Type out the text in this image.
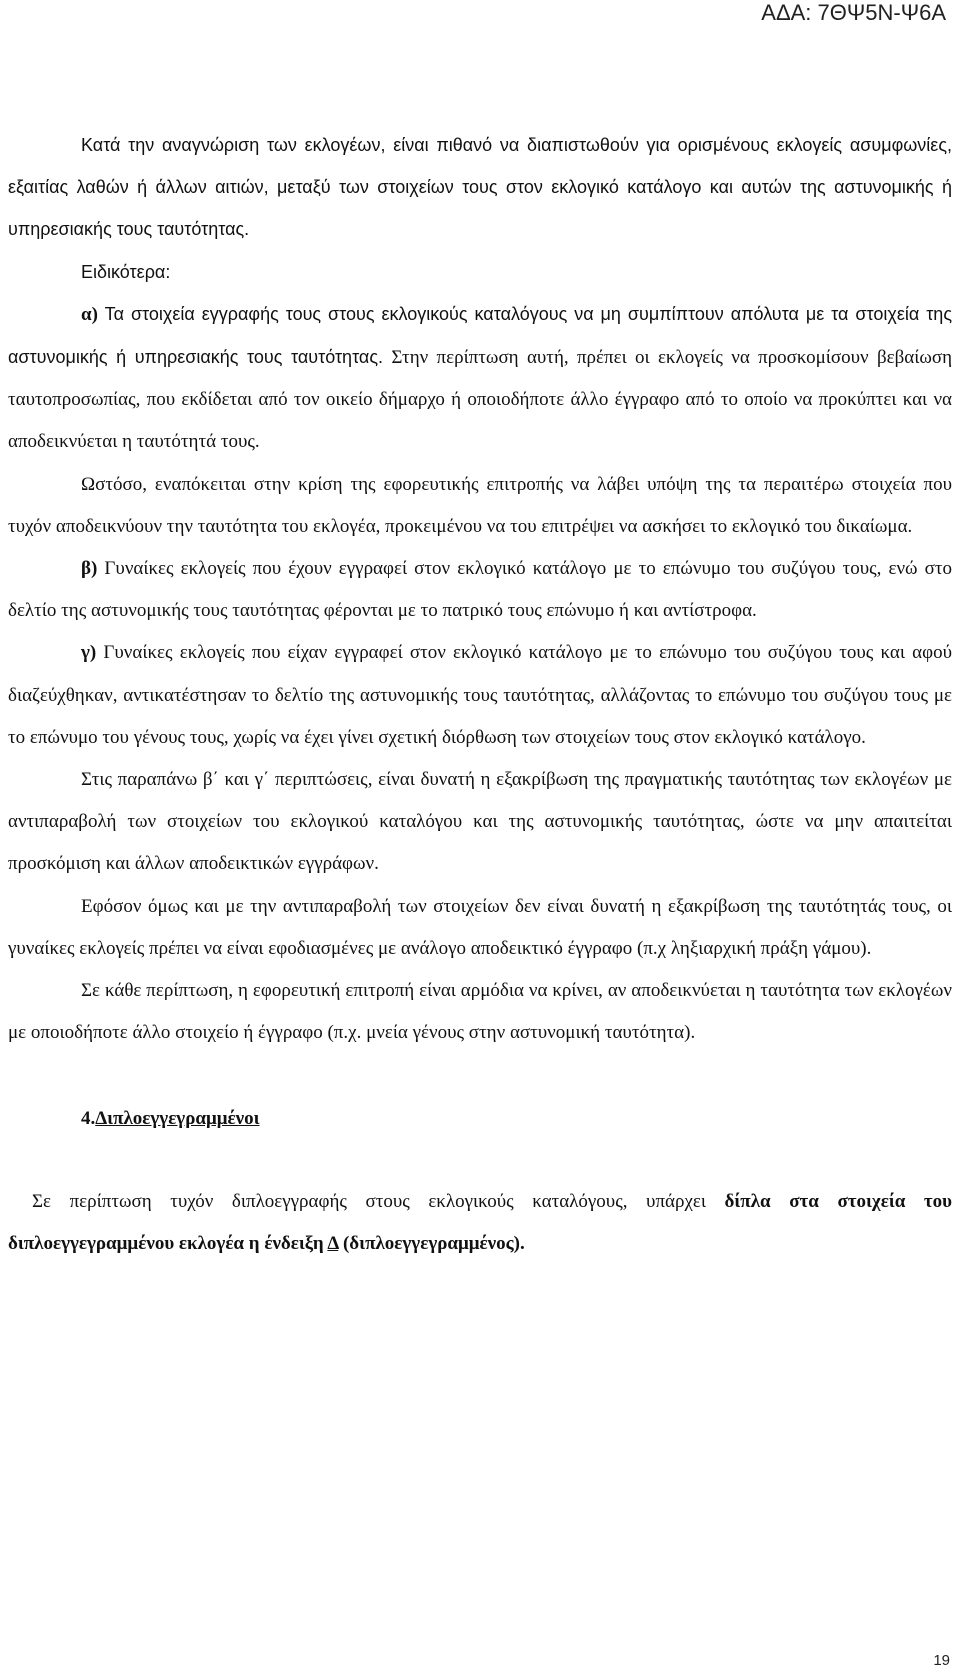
ΑΔΑ: 7ΘΨ5Ν-Ψ6Α

Κατά την αναγνώριση των εκλογέων, είναι πιθανό να διαπιστωθούν για ορισμένους εκλογείς ασυμφωνίες, εξαιτίας λαθών ή άλλων αιτιών, μεταξύ των στοιχείων τους στον εκλογικό κατάλογο και αυτών της αστυνομικής ή υπηρεσιακής τους ταυτότητας.

Ειδικότερα:

α) Τα στοιχεία εγγραφής τους στους εκλογικούς καταλόγους να μη συμπίπτουν απόλυτα με τα στοιχεία της αστυνομικής ή υπηρεσιακής τους ταυτότητας. Στην περίπτωση αυτή, πρέπει οι εκλογείς να προσκομίσουν βεβαίωση ταυτοπροσωπίας, που εκδίδεται από τον οικείο δήμαρχο ή οποιοδήποτε άλλο έγγραφο από το οποίο να προκύπτει και να αποδεικνύεται η ταυτότητά τους.

Ωστόσο, εναπόκειται στην κρίση της εφορευτικής επιτροπής να λάβει υπόψη της τα περαιτέρω στοιχεία που τυχόν αποδεικνύουν την ταυτότητα του εκλογέα, προκειμένου να του επιτρέψει να ασκήσει το εκλογικό του δικαίωμα.

β) Γυναίκες εκλογείς που έχουν εγγραφεί στον εκλογικό κατάλογο με το επώνυμο του συζύγου τους, ενώ στο δελτίο της αστυνομικής τους ταυτότητας φέρονται με το πατρικό τους επώνυμο ή και αντίστροφα.

γ) Γυναίκες εκλογείς που είχαν εγγραφεί στον εκλογικό κατάλογο με το επώνυμο του συζύγου τους και αφού διαζεύχθηκαν, αντικατέστησαν το δελτίο της αστυνομικής τους ταυτότητας, αλλάζοντας το επώνυμο του συζύγου τους με το επώνυμο του γένους τους, χωρίς να έχει γίνει σχετική διόρθωση των στοιχείων τους στον εκλογικό κατάλογο.

Στις παραπάνω β΄ και γ΄ περιπτώσεις, είναι δυνατή η εξακρίβωση της πραγματικής ταυτότητας των εκλογέων με αντιπαραβολή των στοιχείων του εκλογικού καταλόγου και της αστυνομικής ταυτότητας, ώστε να μην απαιτείται προσκόμιση και άλλων αποδεικτικών εγγράφων.

Εφόσον όμως και με την αντιπαραβολή των στοιχείων δεν είναι δυνατή η εξακρίβωση της ταυτότητάς τους, οι γυναίκες εκλογείς πρέπει να είναι εφοδιασμένες με ανάλογο αποδεικτικό έγγραφο (π.χ ληξιαρχική πράξη γάμου).

Σε κάθε περίπτωση, η εφορευτική επιτροπή είναι αρμόδια να κρίνει, αν αποδεικνύεται η ταυτότητα των εκλογέων με οποιοδήποτε άλλο στοιχείο ή έγγραφο (π.χ. μνεία γένους στην αστυνομική ταυτότητα).

4.Διπλοεγγεγραμμένοι

Σε περίπτωση τυχόν διπλοεγγραφής στους εκλογικούς καταλόγους, υπάρχει δίπλα στα στοιχεία του διπλοεγγεγραμμένου εκλογέα η ένδειξη Δ (διπλοεγγεγραμμένος).

19
